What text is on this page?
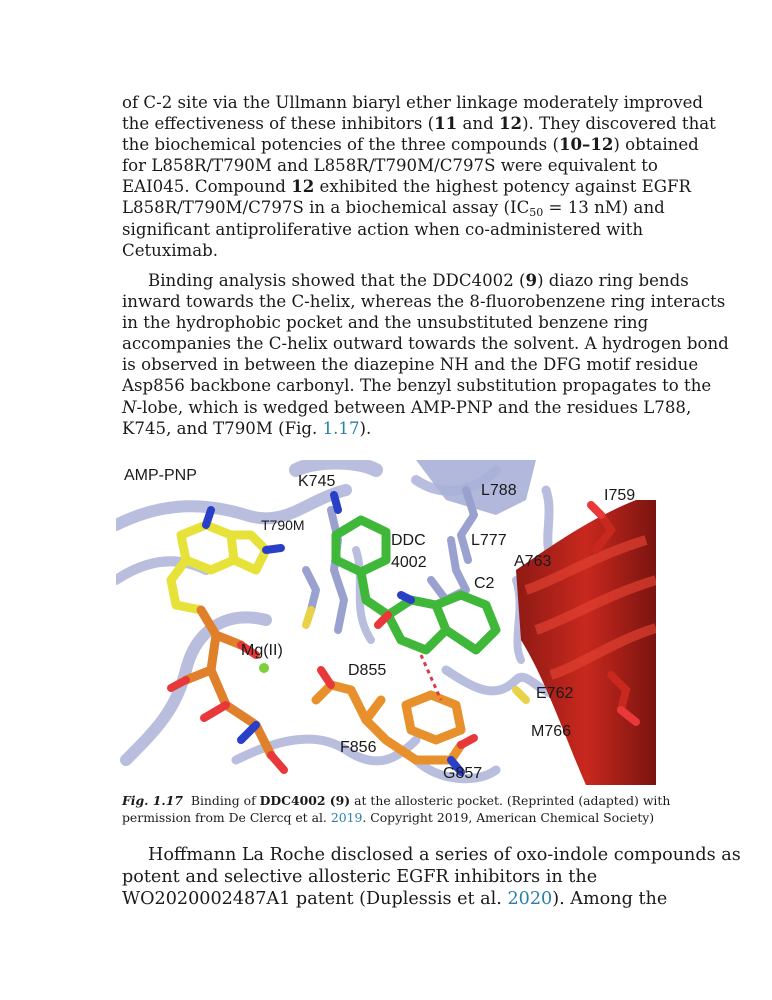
of C-2 site via the Ullmann biaryl ether linkage moderately improved
the effectiveness of these inhibitors (11 and 12). They discovered that
the biochemical potencies of the three compounds (10–12) obtained
for L858R/T790M and L858R/T790M/C797S were equivalent to
EAI045. Compound 12 exhibited the highest potency against EGFR
L858R/T790M/C797S in a biochemical assay ($IC_{50} = 13$ nM) and
significant antiproliferative action when co-administered with
Cetuximab.

Binding analysis showed that the DDC4002 (9) diazo ring bends
inward towards the C-helix, whereas the 8-fluorobenzene ring interacts
in the hydrophobic pocket and the unsubstituted benzene ring
accompanies the C-helix outward towards the solvent. A hydrogen bond
is observed in between the diazepine NH and the DFG motif residue
Asp856 backbone carbonyl. The benzyl substitution propagates to the
N-lobe, which is wedged between AMP-PNP and the residues L788,
K745, and T790M (Fig. 1.17).

AMP-PNP	K745
L788	I759
T790M
DDC
4002
L777
A763
C2
Mg(II)
D855
E762
M766
F856
G857

Fig. 1.17  Binding of DDC4002 (9) at the allosteric pocket. (Reprinted (adapted) with
permission from De Clercq et al. 2019. Copyright 2019, American Chemical Society)

Hoffmann La Roche disclosed a series of oxo-indole compounds as
potent and selective allosteric EGFR inhibitors in the
WO2020002487A1 patent (Duplessis et al. 2020). Among the
